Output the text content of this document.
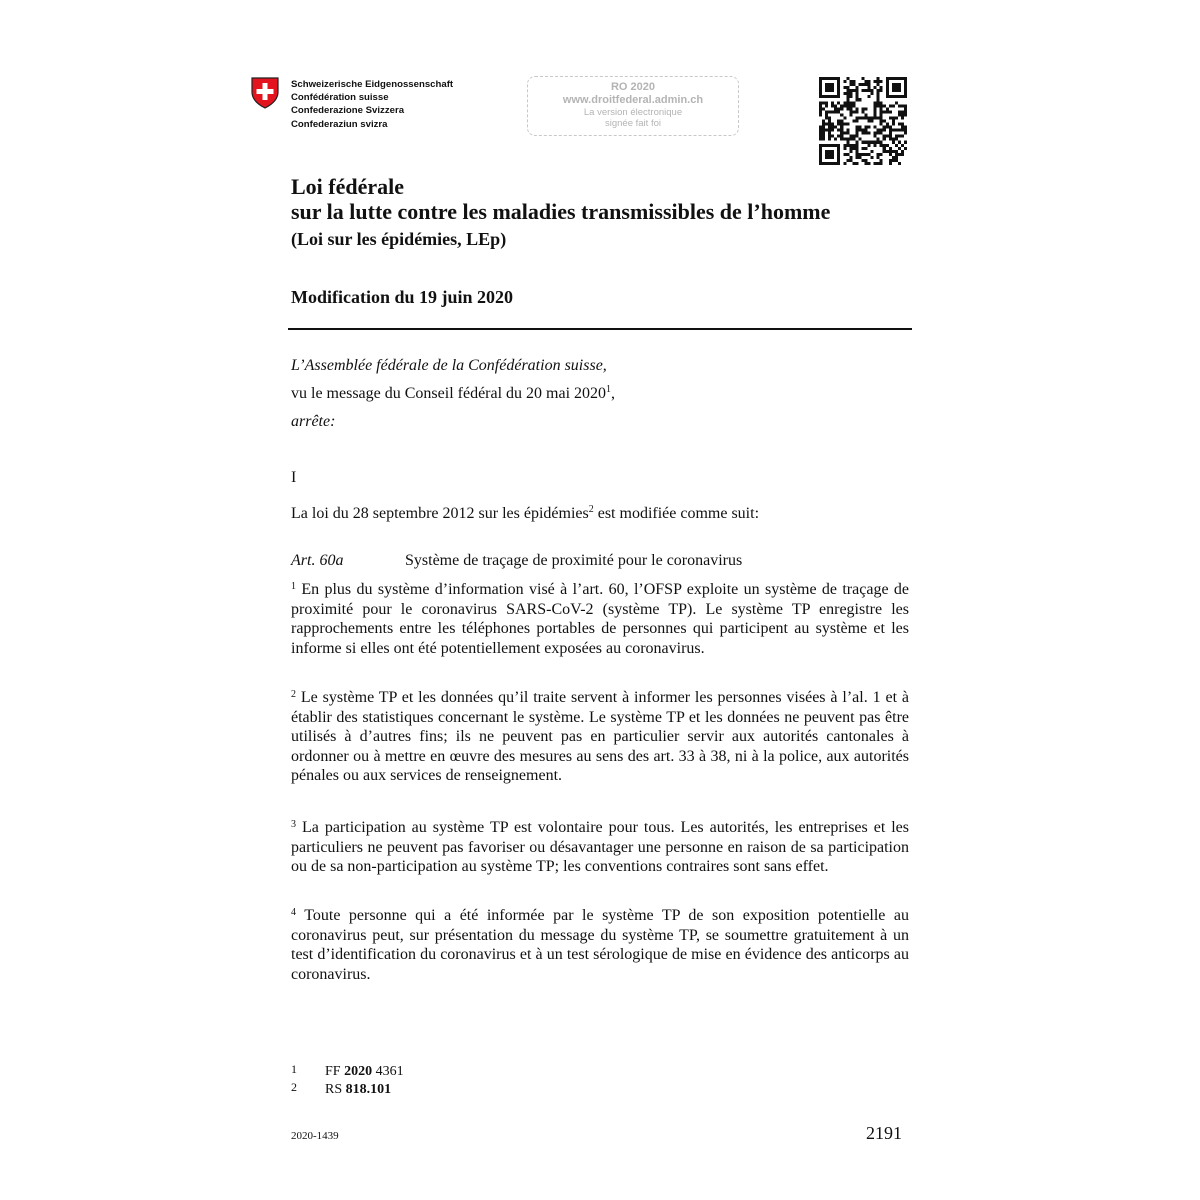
Schweizerische Eidgenossenschaft
Confédération suisse
Confederazione Svizzera
Confederaziun svizra
RO 2020
www.droitfederal.admin.ch
La version électronique
signée fait foi
Loi fédérale
sur la lutte contre les maladies transmissibles de l’homme
(Loi sur les épidémies, LEp)
Modification du 19 juin 2020
L’Assemblée fédérale de la Confédération suisse,
vu le message du Conseil fédéral du 20 mai 2020$^1$,
arrête:
I
La loi du 28 septembre 2012 sur les épidémies$^2$ est modifiée comme suit:
Art. 60a	Système de traçage de proximité pour le coronavirus
$^1$ En plus du système d’information visé à l’art. 60, l’OFSP exploite un système de traçage de proximité pour le coronavirus SARS-CoV-2 (système TP). Le système TP enregistre les rapprochements entre les téléphones portables de personnes qui participent au système et les informe si elles ont été potentiellement exposées au coronavirus.
$^2$ Le système TP et les données qu’il traite servent à informer les personnes visées à l’al. 1 et à établir des statistiques concernant le système. Le système TP et les données ne peuvent pas être utilisés à d’autres fins; ils ne peuvent pas en particulier servir aux autorités cantonales à ordonner ou à mettre en œuvre des mesures au sens des art. 33 à 38, ni à la police, aux autorités pénales ou aux services de renseignement.
$^3$ La participation au système TP est volontaire pour tous. Les autorités, les entreprises et les particuliers ne peuvent pas favoriser ou désavantager une personne en raison de sa participation ou de sa non-participation au système TP; les conventions contraires sont sans effet.
$^4$ Toute personne qui a été informée par le système TP de son exposition potentielle au coronavirus peut, sur présentation du message du système TP, se soumettre gratuitement à un test d’identification du coronavirus et à un test sérologique de mise en évidence des anticorps au coronavirus.
1 FF 2020 4361
2 RS 818.101
2020-1439	2191
